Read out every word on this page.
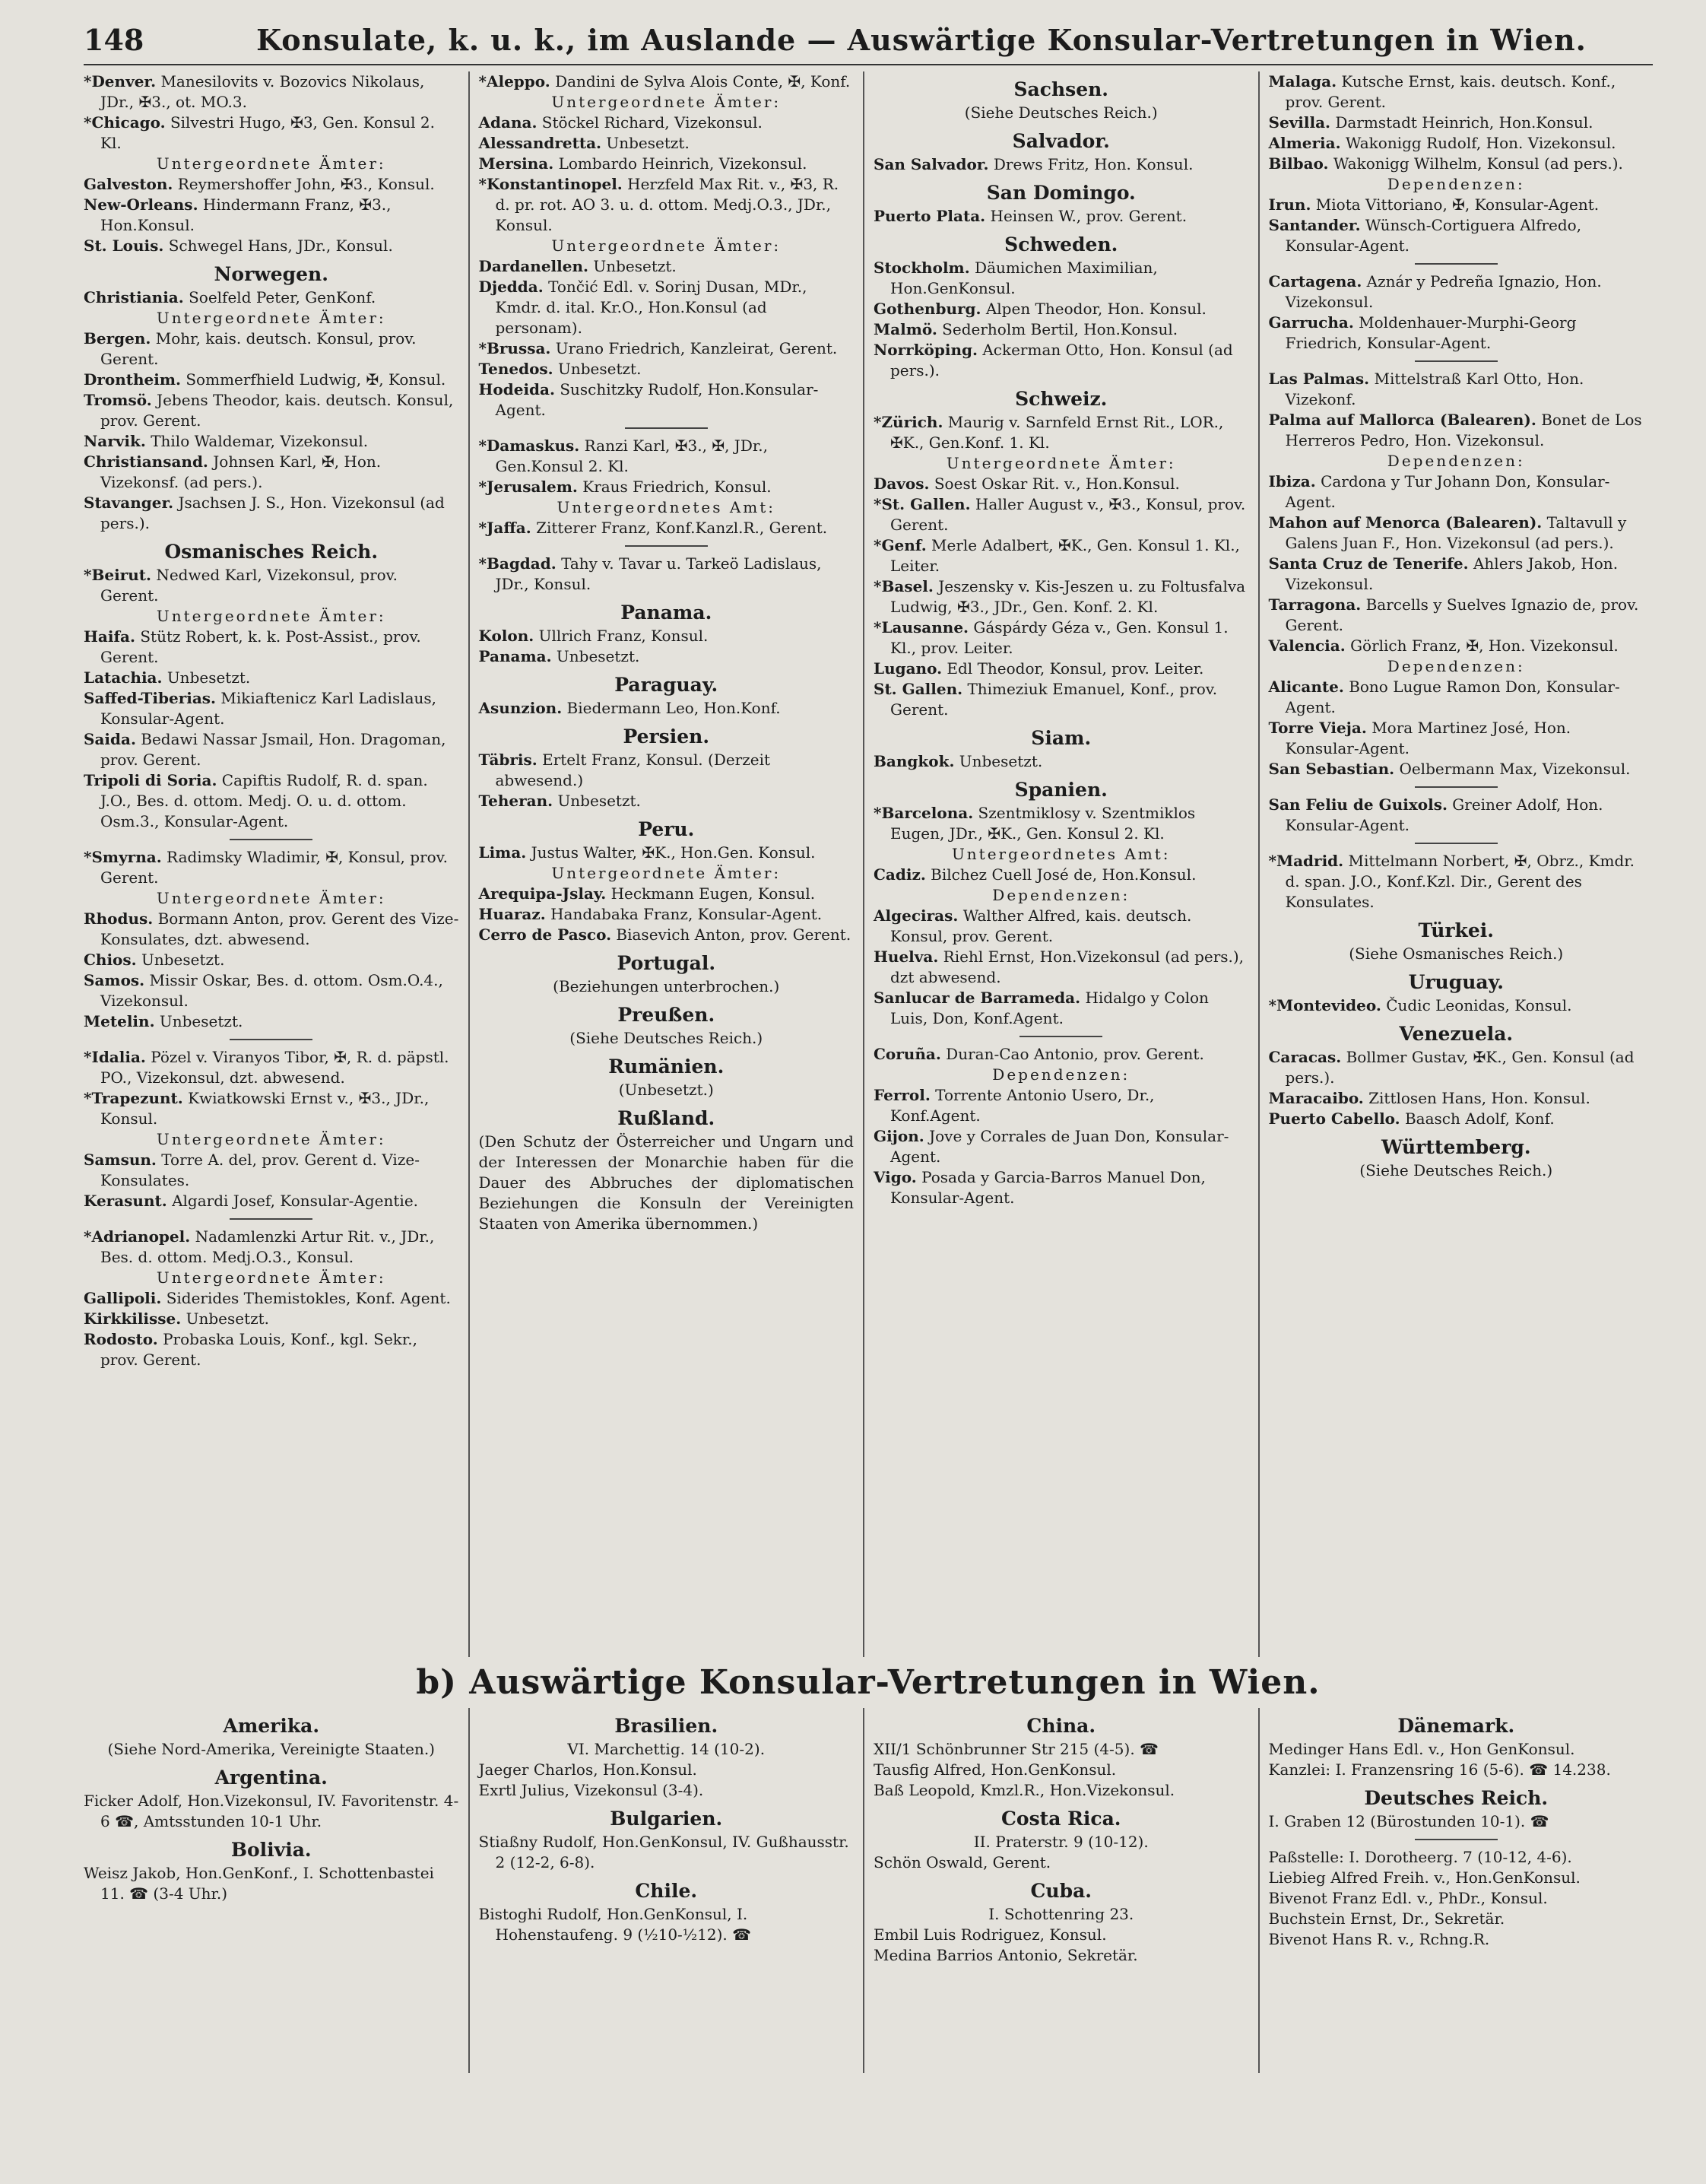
148	Konsulate, k. u. k., im Auslande — Auswärtige Konsular-Vertretungen in Wien.

*Denver. Manesilovits v. Bozovics Nikolaus, JDr., ✠3., ot. MO.3.

*Chicago. Silvestri Hugo, ✠3, Gen. Konsul 2. Kl.

Untergeordnete Ämter:

Galveston. Reymershoffer John, ✠3., Konsul.

New-Orleans. Hindermann Franz, ✠3., Hon.Konsul.

St. Louis. Schwegel Hans, JDr., Konsul.

Norwegen.

Christiania. Soelfeld Peter, GenKonf.

Untergeordnete Ämter:

Bergen. Mohr, kais. deutsch. Konsul, prov. Gerent.

Drontheim. Sommerfhield Ludwig, ✠, Konsul.

Tromsö. Jebens Theodor, kais. deutsch. Konsul, prov. Gerent.

Narvik. Thilo Waldemar, Vizekonsul.

Christiansand. Johnsen Karl, ✠, Hon. Vizekonsf. (ad pers.).

Stavanger. Jsachsen J. S., Hon. Vizekonsul (ad pers.).

Osmanisches Reich.

*Beirut. Nedwed Karl, Vizekonsul, prov. Gerent.

Untergeordnete Ämter:

Haifa. Stütz Robert, k. k. Post-Assist., prov. Gerent.

Latachia. Unbesetzt.

Saffed-Tiberias. Mikiaftenicz Karl Ladislaus, Konsular-Agent.

Saida. Bedawi Nassar Jsmail, Hon. Dragoman, prov. Gerent.

Tripoli di Soria. Capiftis Rudolf, R. d. span. J.O., Bes. d. ottom. Medj. O. u. d. ottom. Osm.3., Konsular-Agent.

*Smyrna. Radimsky Wladimir, ✠, Konsul, prov. Gerent.

Untergeordnete Ämter:

Rhodus. Bormann Anton, prov. Gerent des Vize-Konsulates, dzt. abwesend.

Chios. Unbesetzt.

Samos. Missir Oskar, Bes. d. ottom. Osm.O.4., Vizekonsul.

Metelin. Unbesetzt.

*Idalia. Pözel v. Viranyos Tibor, ✠, R. d. päpstl. PO., Vizekonsul, dzt. abwesend.

*Trapezunt. Kwiatkowski Ernst v., ✠3., JDr., Konsul.

Untergeordnete Ämter:

Samsun. Torre A. del, prov. Gerent d. Vize-Konsulates.

Kerasunt. Algardi Josef, Konsular-Agentie.

*Adrianopel. Nadamlenzki Artur Rit. v., JDr., Bes. d. ottom. Medj.O.3., Konsul.

Untergeordnete Ämter:

Gallipoli. Siderides Themistokles, Konf. Agent.

Kirkkilisse. Unbesetzt.

Rodosto. Probaska Louis, Konf., kgl. Sekr., prov. Gerent.

*Aleppo. Dandini de Sylva Alois Conte, ✠, Konf.

Untergeordnete Ämter:

Adana. Stöckel Richard, Vizekonsul.

Alessandretta. Unbesetzt.

Mersina. Lombardo Heinrich, Vizekonsul.

*Konstantinopel. Herzfeld Max Rit. v., ✠3, R. d. pr. rot. AO 3. u. d. ottom. Medj.O.3., JDr., Konsul.

Untergeordnete Ämter:

Dardanellen. Unbesetzt.

Djedda. Tončić Edl. v. Sorinj Dusan, MDr., Kmdr. d. ital. Kr.O., Hon.Konsul (ad personam).

*Brussa. Urano Friedrich, Kanzleirat, Gerent.

Tenedos. Unbesetzt.

Hodeida. Suschitzky Rudolf, Hon.Konsular-Agent.

*Damaskus. Ranzi Karl, ✠3., ✠, JDr., Gen.Konsul 2. Kl.

*Jerusalem. Kraus Friedrich, Konsul.

Untergeordnetes Amt:

*Jaffa. Zitterer Franz, Konf.Kanzl.R., Gerent.

*Bagdad. Tahy v. Tavar u. Tarkeö Ladislaus, JDr., Konsul.

Panama.

Kolon. Ullrich Franz, Konsul.

Panama. Unbesetzt.

Paraguay.

Asunzion. Biedermann Leo, Hon.Konf.

Persien.

Täbris. Ertelt Franz, Konsul. (Derzeit abwesend.)

Teheran. Unbesetzt.

Peru.

Lima. Justus Walter, ✠K., Hon.Gen. Konsul.

Untergeordnete Ämter:

Arequipa-Jslay. Heckmann Eugen, Konsul.

Huaraz. Handabaka Franz, Konsular-Agent.

Cerro de Pasco. Biasevich Anton, prov. Gerent.

Portugal.
(Beziehungen unterbrochen.)
Preußen.
(Siehe Deutsches Reich.)
Rumänien.
(Unbesetzt.)
Rußland.
(Den Schutz der Österreicher und Ungarn und der Interessen der Monarchie haben für die Dauer des Abbruches der diplomatischen Beziehungen die Konsuln der Vereinigten Staaten von Amerika übernommen.)
Sachsen.
(Siehe Deutsches Reich.)
Salvador.

San Salvador. Drews Fritz, Hon. Konsul.

San Domingo.

Puerto Plata. Heinsen W., prov. Gerent.

Schweden.

Stockholm. Däumichen Maximilian, Hon.GenKonsul.

Gothenburg. Alpen Theodor, Hon. Konsul.

Malmö. Sederholm Bertil, Hon.Konsul.

Norrköping. Ackerman Otto, Hon. Konsul (ad pers.).

Schweiz.

*Zürich. Maurig v. Sarnfeld Ernst Rit., LOR., ✠K., Gen.Konf. 1. Kl.

Untergeordnete Ämter:

Davos. Soest Oskar Rit. v., Hon.Konsul.

*St. Gallen. Haller August v., ✠3., Konsul, prov. Gerent.

*Genf. Merle Adalbert, ✠K., Gen. Konsul 1. Kl., Leiter.

*Basel. Jeszensky v. Kis-Jeszen u. zu Foltusfalva Ludwig, ✠3., JDr., Gen. Konf. 2. Kl.

*Lausanne. Gáspárdy Géza v., Gen. Konsul 1. Kl., prov. Leiter.

Lugano. Edl Theodor, Konsul, prov. Leiter.

St. Gallen. Thimeziuk Emanuel, Konf., prov. Gerent.

Siam.

Bangkok. Unbesetzt.

Spanien.

*Barcelona. Szentmiklosy v. Szentmiklos Eugen, JDr., ✠K., Gen. Konsul 2. Kl.

Untergeordnetes Amt:

Cadiz. Bilchez Cuell José de, Hon.Konsul.

Dependenzen:

Algeciras. Walther Alfred, kais. deutsch. Konsul, prov. Gerent.

Huelva. Riehl Ernst, Hon.Vizekonsul (ad pers.), dzt abwesend.

Sanlucar de Barrameda. Hidalgo y Colon Luis, Don, Konf.Agent.

Coruña. Duran-Cao Antonio, prov. Gerent.

Dependenzen:

Ferrol. Torrente Antonio Usero, Dr., Konf.Agent.

Gijon. Jove y Corrales de Juan Don, Konsular-Agent.

Vigo. Posada y Garcia-Barros Manuel Don, Konsular-Agent.

Malaga. Kutsche Ernst, kais. deutsch. Konf., prov. Gerent.

Sevilla. Darmstadt Heinrich, Hon.Konsul.

Almeria. Wakonigg Rudolf, Hon. Vizekonsul.

Bilbao. Wakonigg Wilhelm, Konsul (ad pers.).

Dependenzen:

Irun. Miota Vittoriano, ✠, Konsular-Agent.

Santander. Wünsch-Cortiguera Alfredo, Konsular-Agent.

Cartagena. Aznár y Pedreña Ignazio, Hon. Vizekonsul.

Garrucha. Moldenhauer-Murphi-Georg Friedrich, Konsular-Agent.

Las Palmas. Mittelstraß Karl Otto, Hon. Vizekonf.

Palma auf Mallorca (Balearen). Bonet de Los Herreros Pedro, Hon. Vizekonsul.

Dependenzen:

Ibiza. Cardona y Tur Johann Don, Konsular-Agent.

Mahon auf Menorca (Balearen). Taltavull y Galens Juan F., Hon. Vizekonsul (ad pers.).

Santa Cruz de Tenerife. Ahlers Jakob, Hon. Vizekonsul.

Tarragona. Barcells y Suelves Ignazio de, prov. Gerent.

Valencia. Görlich Franz, ✠, Hon. Vizekonsul.

Dependenzen:

Alicante. Bono Lugue Ramon Don, Konsular-Agent.

Torre Vieja. Mora Martinez José, Hon. Konsular-Agent.

San Sebastian. Oelbermann Max, Vizekonsul.

San Feliu de Guixols. Greiner Adolf, Hon. Konsular-Agent.

*Madrid. Mittelmann Norbert, ✠, Obrz., Kmdr. d. span. J.O., Konf.Kzl. Dir., Gerent des Konsulates.

Türkei.
(Siehe Osmanisches Reich.)
Uruguay.

*Montevideo. Čudic Leonidas, Konsul.

Venezuela.

Caracas. Bollmer Gustav, ✠K., Gen. Konsul (ad pers.).

Maracaibo. Zittlosen Hans, Hon. Konsul.

Puerto Cabello. Baasch Adolf, Konf.

Württemberg.
(Siehe Deutsches Reich.)
b) Auswärtige Konsular-Vertretungen in Wien.
Amerika.
(Siehe Nord-Amerika, Vereinigte Staaten.)
Argentina.

Ficker Adolf, Hon.Vizekonsul, IV. Favoritenstr. 4-6 ☎, Amtsstunden 10-1 Uhr.

Bolivia.

Weisz Jakob, Hon.GenKonf., I. Schottenbastei 11. ☎ (3-4 Uhr.)

Brasilien.
VI. Marchettig. 14 (10-2).

Jaeger Charlos, Hon.Konsul.

Exrtl Julius, Vizekonsul (3-4).

Bulgarien.

Stiaßny Rudolf, Hon.GenKonsul, IV. Gußhausstr. 2 (12-2, 6-8).

Chile.

Bistoghi Rudolf, Hon.GenKonsul, I. Hohenstaufeng. 9 (½10-½12). ☎

China.

XII/1 Schönbrunner Str 215 (4-5). ☎

Tausfig Alfred, Hon.GenKonsul.

Baß Leopold, Kmzl.R., Hon.Vizekonsul.

Costa Rica.
II. Praterstr. 9 (10-12).

Schön Oswald, Gerent.

Cuba.
I. Schottenring 23.

Embil Luis Rodriguez, Konsul.

Medina Barrios Antonio, Sekretär.

Dänemark.

Medinger Hans Edl. v., Hon GenKonsul.

Kanzlei: I. Franzensring 16 (5-6). ☎ 14.238.

Deutsches Reich.

I. Graben 12 (Bürostunden 10-1). ☎

Paßstelle: I. Dorotheerg. 7 (10-12, 4-6).

Liebieg Alfred Freih. v., Hon.GenKonsul.

Bivenot Franz Edl. v., PhDr., Konsul.

Buchstein Ernst, Dr., Sekretär.

Bivenot Hans R. v., Rchng.R.
